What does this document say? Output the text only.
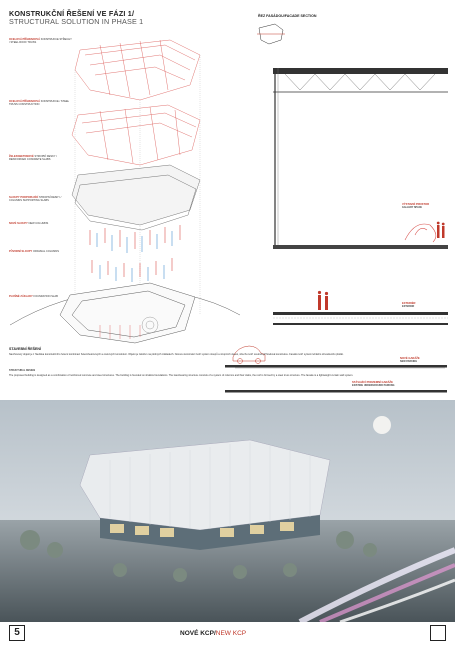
KONSTRUKČNÍ ŘEŠENÍ VE FÁZI 1/
STRUCTURAL SOLUTION IN PHASE 1
OCELOVÁ PŘÍHRADOVÁ KONSTRUKCE STŘECHY / STEEL ROOF TRUSS
OCELOVÁ PŘÍHRADOVÁ KONSTRUKCE / STEEL TRUSS CONSTRUCTION
ŽELEZOBETONOVÉ STROPNÍ DESKY / REINFORCED CONCRETE SLABS
SLOUPY PODPORUJÍCÍ STROPNÍ DESKY / COLUMNS SUPPORTING SLABS
NOVÉ SLOUPY NEW COLUMNS
PŮVODNÍ SLOUPY ORIGINAL COLUMNS
PLOŠNÉ ZÁKLADY FOUNDATION SLAB
ŘEZ FASÁDOU/FACADE SECTION
VÝSTAVNÍ PROSTOR
GALLERY SPACE
EXTERIÉR
EXTERIOR
NOVÉ GARÁŽE
NEW PARKING
STÁVAJÍCÍ PODZEMNÍ GARÁŽE
EXISTING UNDERGROUND PARKING
STAVEBNÍ ŘEŠENÍ
Navrhovaný objekt je z hlediska konstrukčního řešení kombinací železobetonových a ocelových konstrukcí. Objekt je založen na plošných základech. Nosnou konstrukci tvoří systém sloupů a stropních desek, střechu tvoří ocelová příhradová konstrukce. Fasádu tvoří systém lehkého obvodového pláště.
STRUCTURAL DESIGN
The proposed building is designed as a combination of reinforced concrete and steel structures. The building is founded on shallow foundations. The load-bearing structure consists of a system of columns and floor slabs, the roof is formed by a steel truss structure. The facade is a lightweight curtain wall system.
5	NOVÉ KCP/NEW KCP
